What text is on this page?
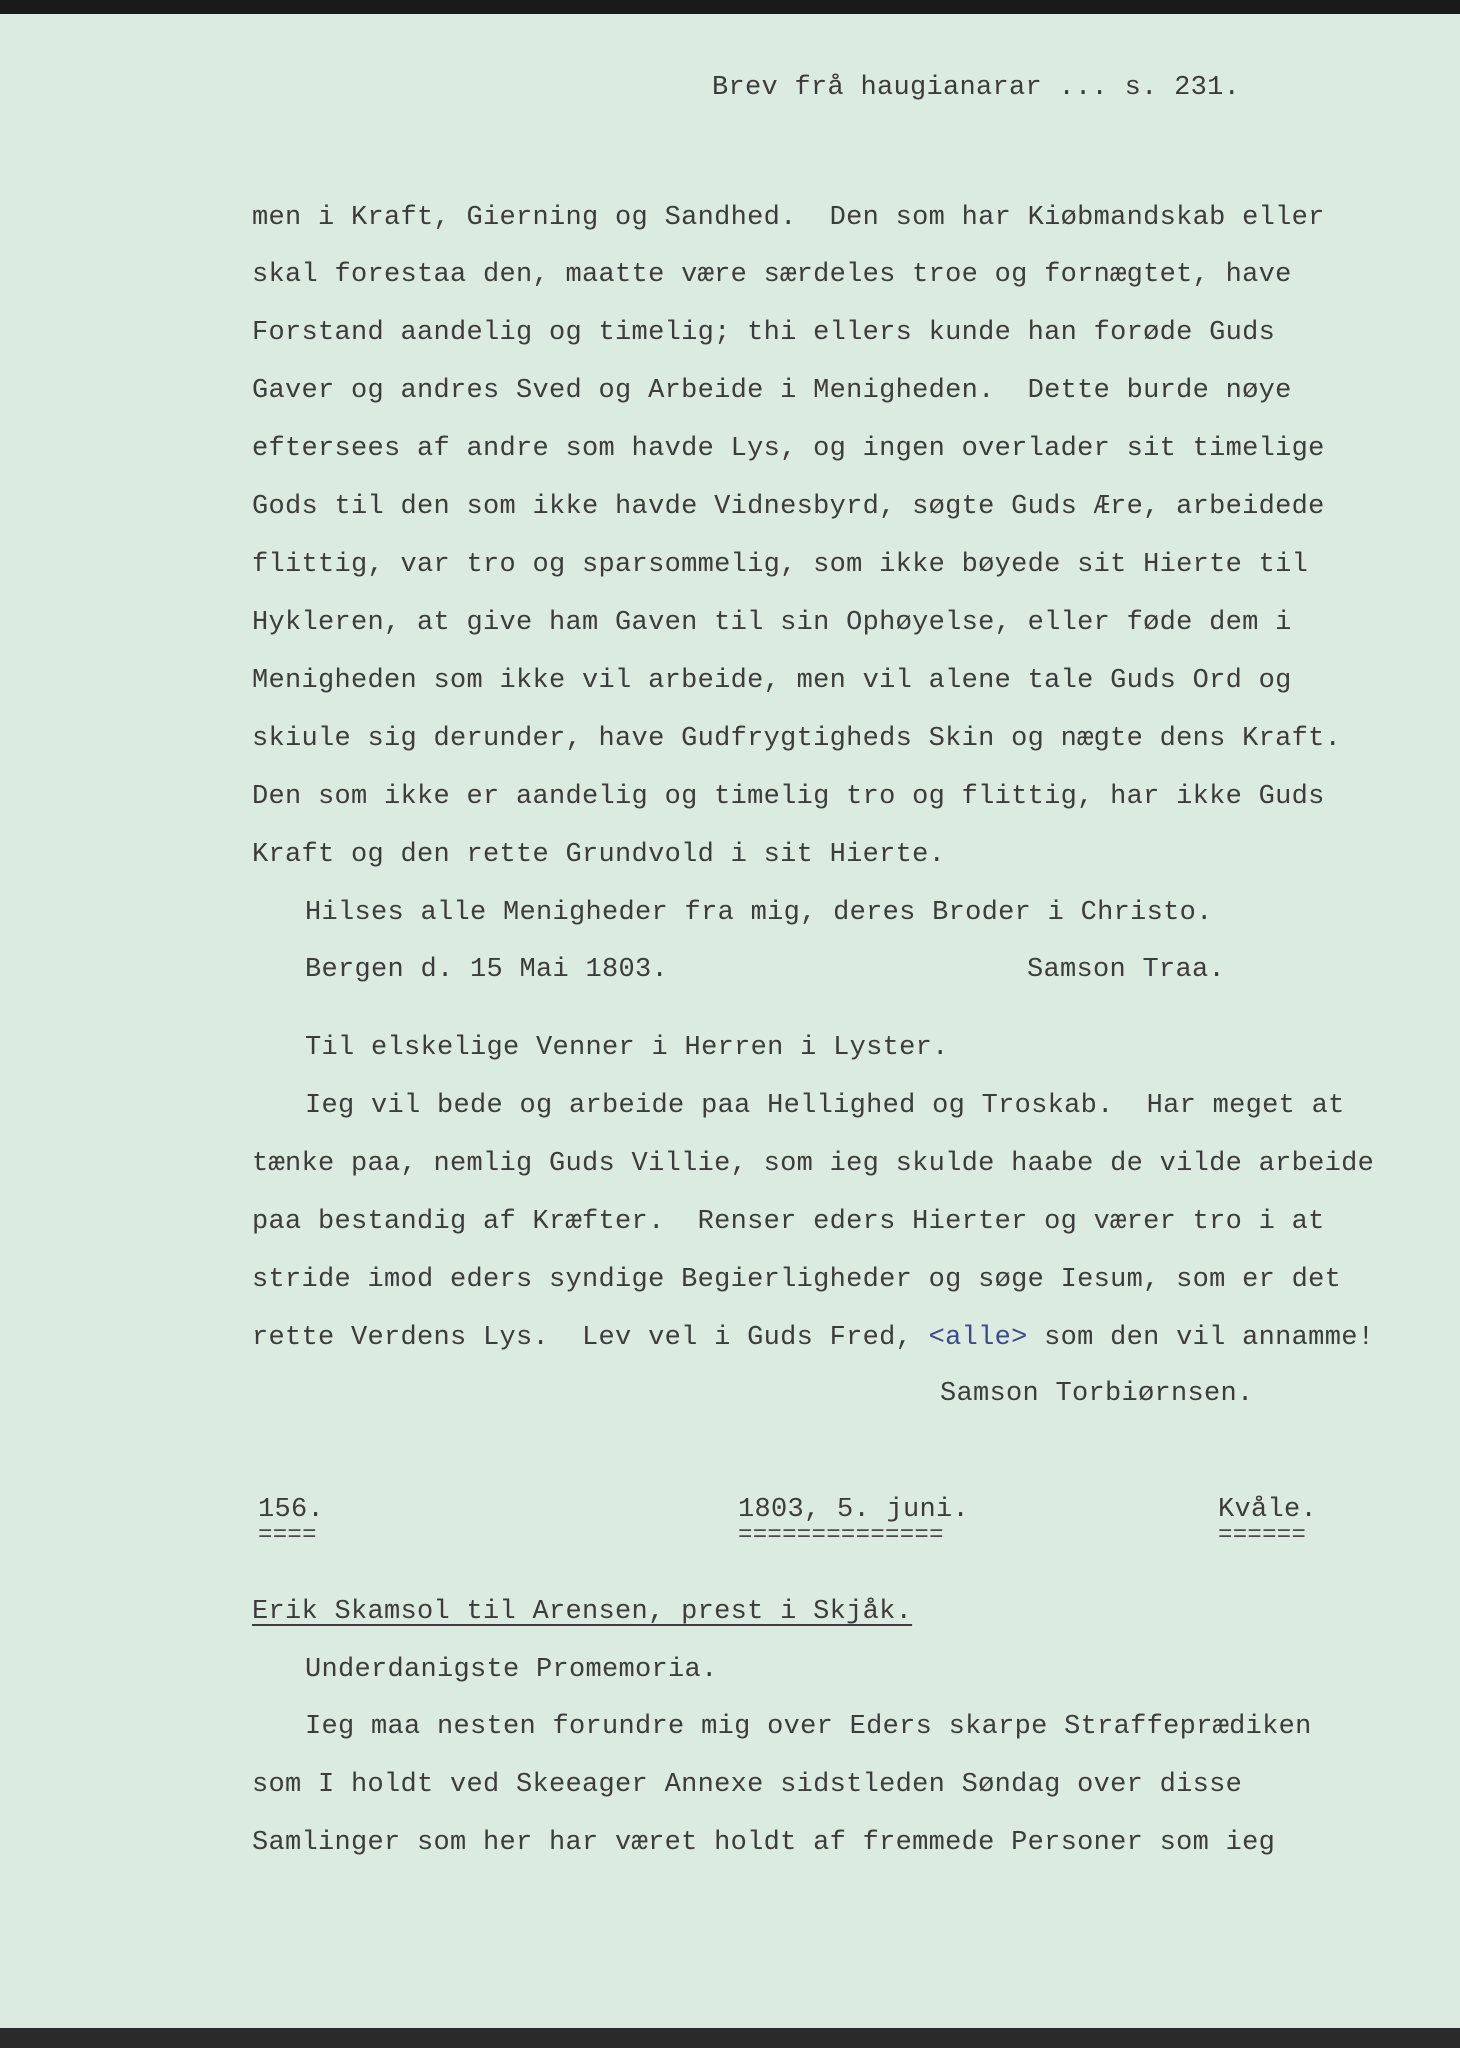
Brev frå haugianarar ... s. 231.
men i Kraft, Gierning og Sandhed.  Den som har Kiøbmandskab eller
skal forestaa den, maatte være særdeles troe og fornægtet, have
Forstand aandelig og timelig; thi ellers kunde han forøde Guds
Gaver og andres Sved og Arbeide i Menigheden.  Dette burde nøye
eftersees af andre som havde Lys, og ingen overlader sit timelige
Gods til den som ikke havde Vidnesbyrd, søgte Guds Ære, arbeidede
flittig, var tro og sparsommelig, som ikke bøyede sit Hierte til
Hykleren, at give ham Gaven til sin Ophøyelse, eller føde dem i
Menigheden som ikke vil arbeide, men vil alene tale Guds Ord og
skiule sig derunder, have Gudfrygtigheds Skin og nægte dens Kraft.
Den som ikke er aandelig og timelig tro og flittig, har ikke Guds
Kraft og den rette Grundvold i sit Hierte.
Hilses alle Menigheder fra mig, deres Broder i Christo.
Bergen d. 15 Mai 1803.	Samson Traa.
Til elskelige Venner i Herren i Lyster.
Ieg vil bede og arbeide paa Hellighed og Troskab.  Har meget at
tænke paa, nemlig Guds Villie, som ieg skulde haabe de vilde arbeide
paa bestandig af Kræfter.  Renser eders Hierter og værer tro i at
stride imod eders syndige Begierligheder og søge Iesum, som er det
rette Verdens Lys.  Lev vel i Guds Fred, <alle> som den vil annamme!
Samson Torbiørnsen.
156.
====
1803, 5. juni.
==============
Kvåle.
======
Erik Skamsol til Arensen, prest i Skjåk.
Underdanigste Promemoria.
Ieg maa nesten forundre mig over Eders skarpe Straffeprædiken
som I holdt ved Skeeager Annexe sidstleden Søndag over disse
Samlinger som her har været holdt af fremmede Personer som ieg
